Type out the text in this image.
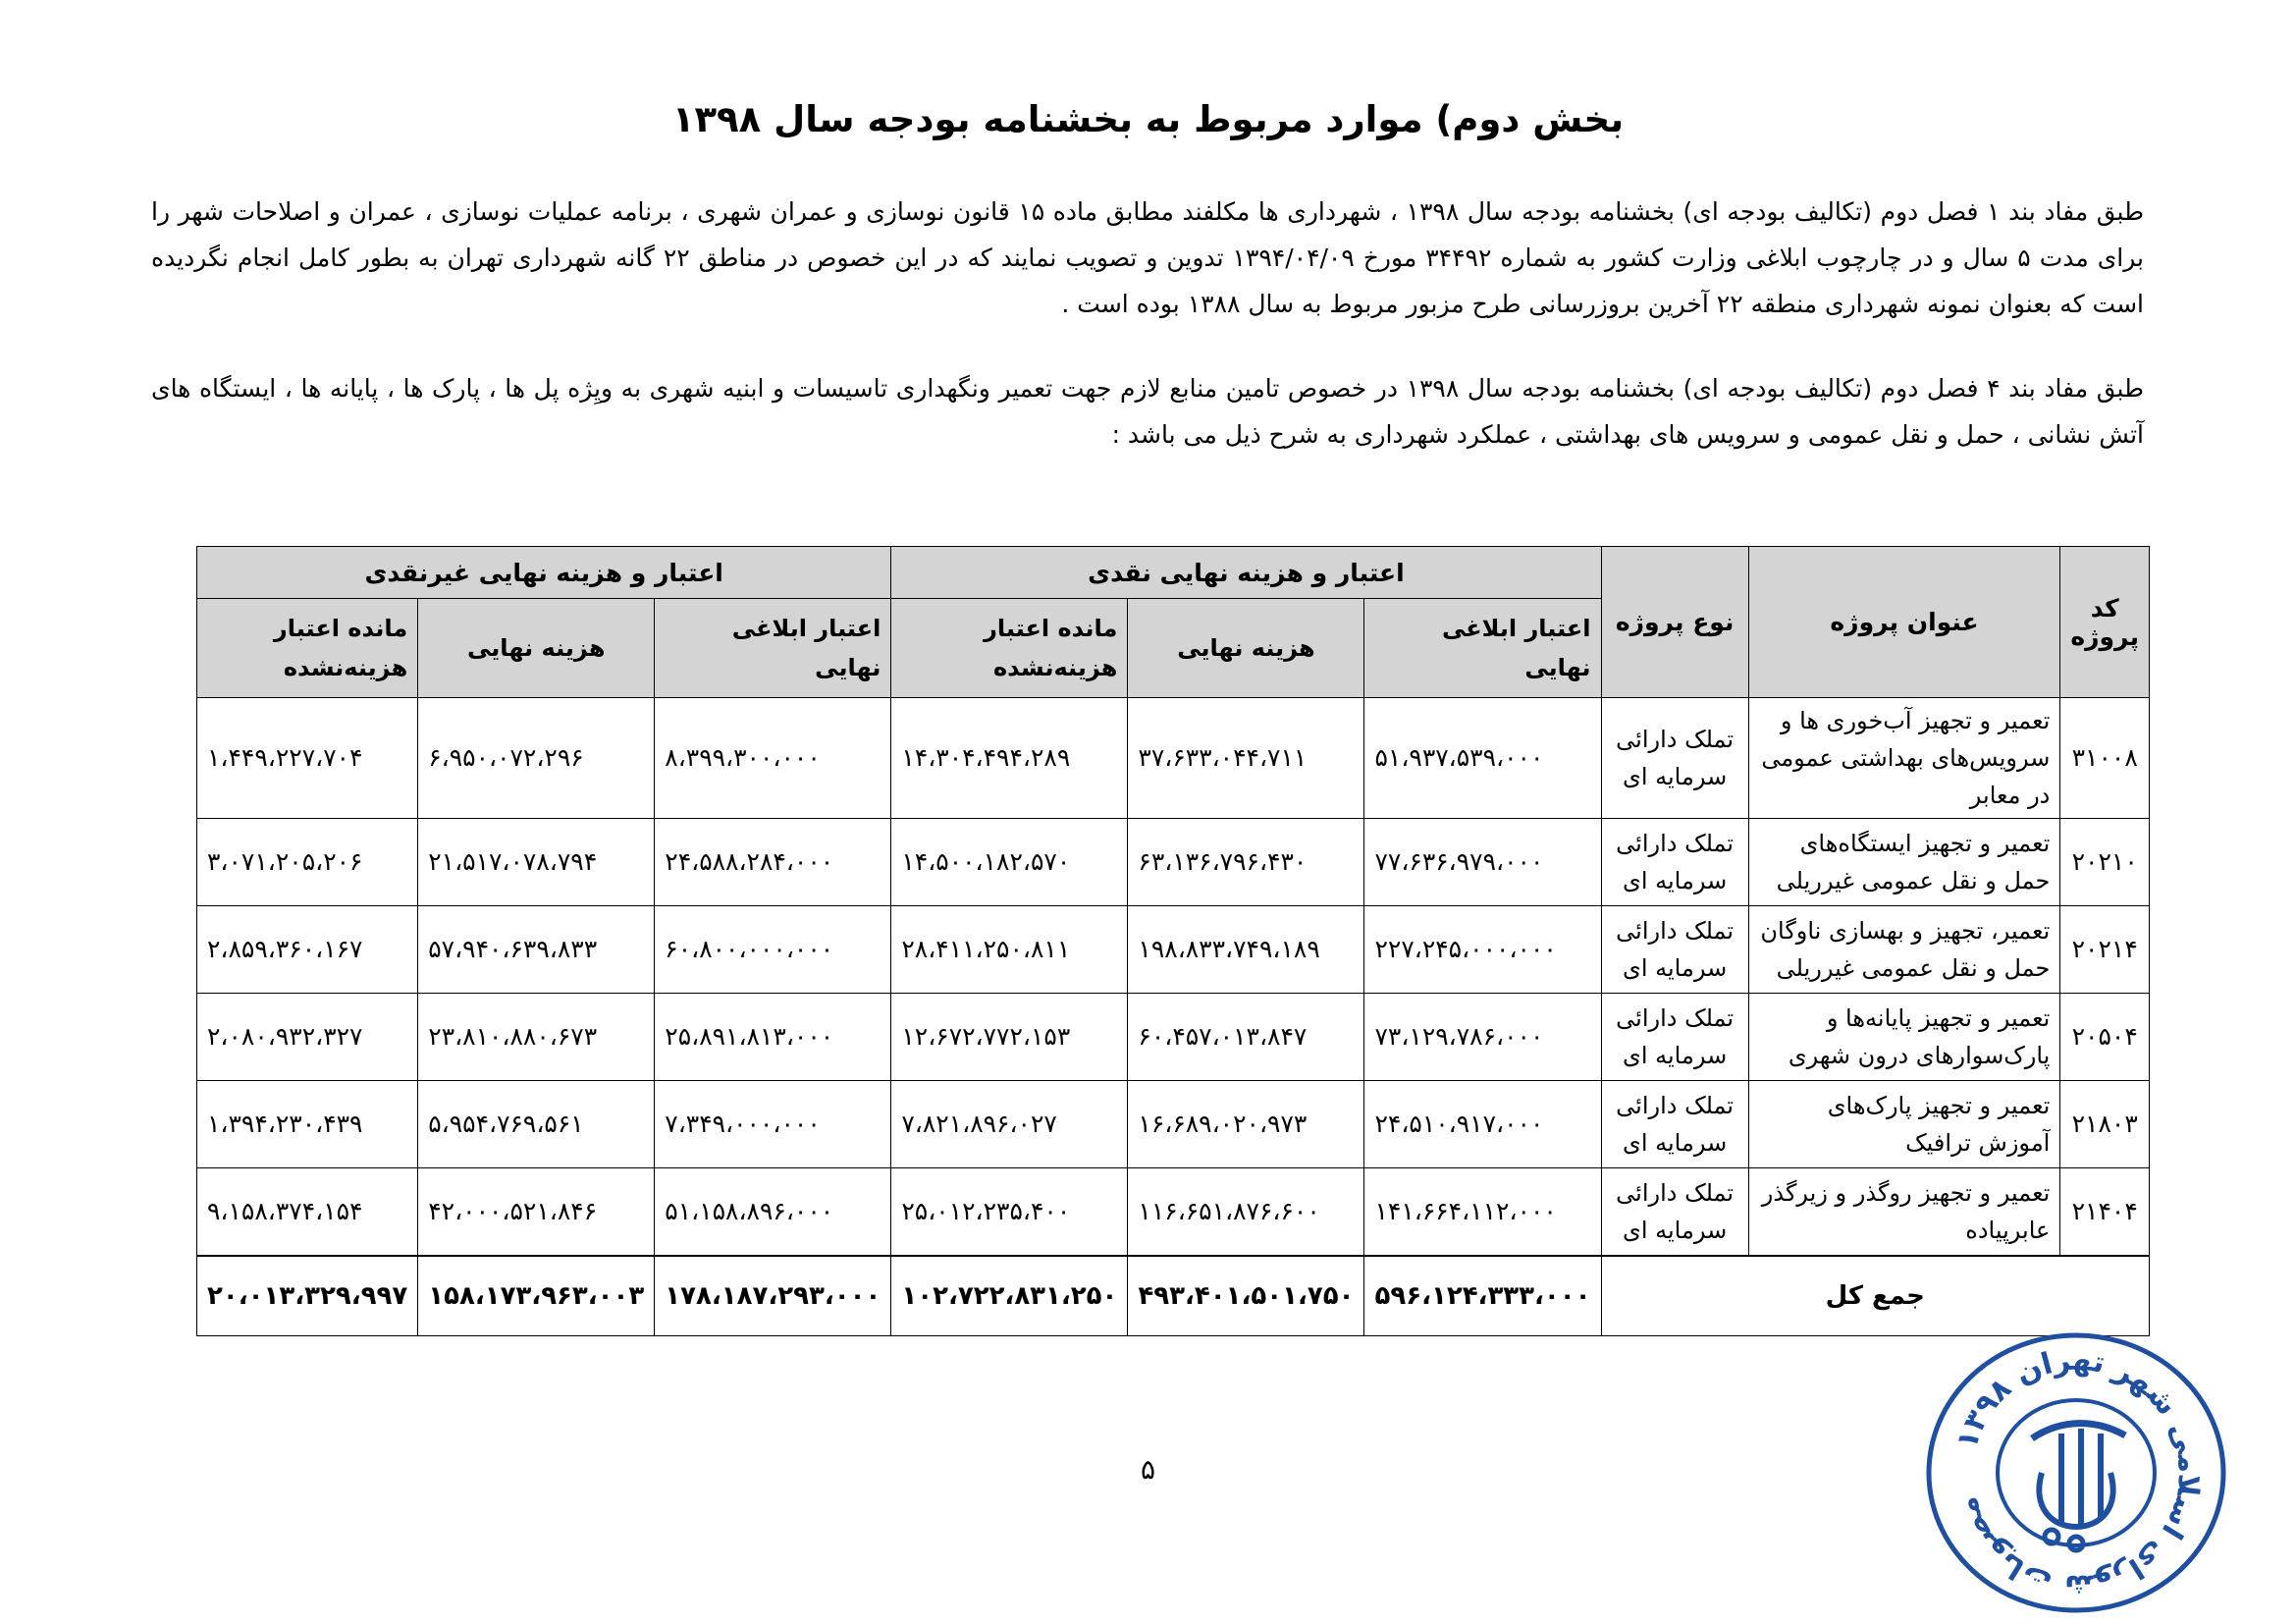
بخش دوم) موارد مربوط به بخشنامه بودجه سال ۱۳۹۸

طبق مفاد بند ۱ فصل دوم (تکالیف بودجه ای) بخشنامه بودجه سال ۱۳۹۸ ، شهرداری ها مکلفند مطابق ماده ۱۵ قانون نوسازی و عمران شهری ، برنامه عملیات نوسازی ، عمران و اصلاحات شهر را برای مدت ۵ سال و در چارچوب ابلاغی وزارت کشور به شماره ۳۴۴۹۲ مورخ ۱۳۹۴/۰۴/۰۹ تدوین و تصویب نمایند که در این خصوص در مناطق ۲۲ گانه شهرداری تهران به بطور کامل انجام نگردیده است که بعنوان نمونه شهرداری منطقه ۲۲ آخرین بروزرسانی طرح مزبور مربوط به سال ۱۳۸۸ بوده است .

طبق مفاد بند ۴ فصل دوم (تکالیف بودجه ای) بخشنامه بودجه سال ۱۳۹۸ در خصوص تامین منابع لازم جهت تعمیر ونگهداری تاسیسات و ابنیه شهری به ویِژه پل ها ، پارک ها ، پایانه ها ، ایستگاه های آتش نشانی ، حمل و نقل عمومی و سرویس های بهداشتی ، عملکرد شهرداری به شرح ذیل می باشد :

کد پروژه	عنوان پروژه	نوع پروژه	اعتبار و هزینه نهایی نقدی			اعتبار و هزینه نهایی غیرنقدی		
			اعتبار ابلاغی نهایی	هزینه نهایی	مانده اعتبار هزینه‌نشده	اعتبار ابلاغی نهایی	هزینه نهایی	مانده اعتبار هزینه‌نشده
۳۱۰۰۸	تعمیر و تجهیز آب‌خوری ها و سرویس‌های بهداشتی عمومی در معابر	تملک دارائی سرمایه ای	۵۱،۹۳۷،۵۳۹،۰۰۰	۳۷،۶۳۳،۰۴۴،۷۱۱	۱۴،۳۰۴،۴۹۴،۲۸۹	۸،۳۹۹،۳۰۰،۰۰۰	۶،۹۵۰،۰۷۲،۲۹۶	۱،۴۴۹،۲۲۷،۷۰۴
۲۰۲۱۰	تعمیر و تجهیز ایستگاه‌های حمل و نقل عمومی غیرریلی	تملک دارائی سرمایه ای	۷۷،۶۳۶،۹۷۹،۰۰۰	۶۳،۱۳۶،۷۹۶،۴۳۰	۱۴،۵۰۰،۱۸۲،۵۷۰	۲۴،۵۸۸،۲۸۴،۰۰۰	۲۱،۵۱۷،۰۷۸،۷۹۴	۳،۰۷۱،۲۰۵،۲۰۶
۲۰۲۱۴	تعمیر، تجهیز و بهسازی ناوگان حمل و نقل عمومی غیرریلی	تملک دارائی سرمایه ای	۲۲۷،۲۴۵،۰۰۰،۰۰۰	۱۹۸،۸۳۳،۷۴۹،۱۸۹	۲۸،۴۱۱،۲۵۰،۸۱۱	۶۰،۸۰۰،۰۰۰،۰۰۰	۵۷،۹۴۰،۶۳۹،۸۳۳	۲،۸۵۹،۳۶۰،۱۶۷
۲۰۵۰۴	تعمیر و تجهیز پایانه‌ها و پارک‌سوارهای درون شهری	تملک دارائی سرمایه ای	۷۳،۱۲۹،۷۸۶،۰۰۰	۶۰،۴۵۷،۰۱۳،۸۴۷	۱۲،۶۷۲،۷۷۲،۱۵۳	۲۵،۸۹۱،۸۱۳،۰۰۰	۲۳،۸۱۰،۸۸۰،۶۷۳	۲،۰۸۰،۹۳۲،۳۲۷
۲۱۸۰۳	تعمیر و تجهیز پارک‌های آموزش ترافیک	تملک دارائی سرمایه ای	۲۴،۵۱۰،۹۱۷،۰۰۰	۱۶،۶۸۹،۰۲۰،۹۷۳	۷،۸۲۱،۸۹۶،۰۲۷	۷،۳۴۹،۰۰۰،۰۰۰	۵،۹۵۴،۷۶۹،۵۶۱	۱،۳۹۴،۲۳۰،۴۳۹
۲۱۴۰۴	تعمیر و تجهیز روگذر و زیرگذر عابرپیاده	تملک دارائی سرمایه ای	۱۴۱،۶۶۴،۱۱۲،۰۰۰	۱۱۶،۶۵۱،۸۷۶،۶۰۰	۲۵،۰۱۲،۲۳۵،۴۰۰	۵۱،۱۵۸،۸۹۶،۰۰۰	۴۲،۰۰۰،۵۲۱،۸۴۶	۹،۱۵۸،۳۷۴،۱۵۴
جمع کل			۵۹۶،۱۲۴،۳۳۳،۰۰۰	۴۹۳،۴۰۱،۵۰۱،۷۵۰	۱۰۲،۷۲۲،۸۳۱،۲۵۰	۱۷۸،۱۸۷،۲۹۳،۰۰۰	۱۵۸،۱۷۳،۹۶۳،۰۰۳	۲۰،۰۱۳،۳۲۹،۹۹۷
۵
مصوبات شورای اسلامی شهر تهران ۱۳۹۸
